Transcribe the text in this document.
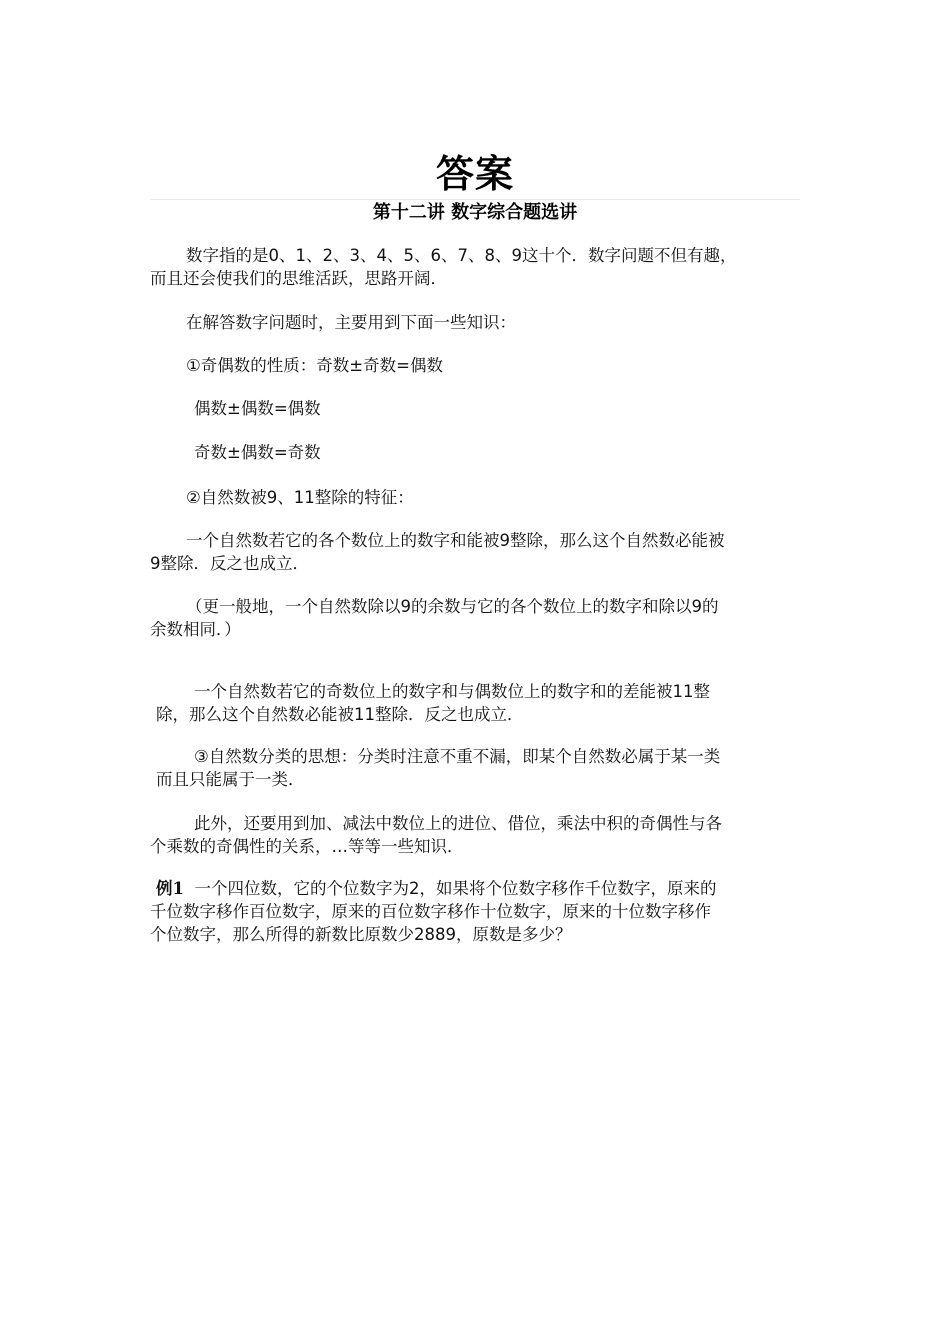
答案
第十二讲 数字综合题选讲
数字指的是0、1、2、3、4、5、6、7、8、9这十个．数字问题不但有趣，
而且还会使我们的思维活跃，思路开阔．
在解答数字问题时，主要用到下面一些知识：
①奇偶数的性质：奇数±奇数=偶数
偶数±偶数=偶数
奇数±偶数=奇数
②自然数被9、11整除的特征：
一个自然数若它的各个数位上的数字和能被9整除，那么这个自然数必能被
9整除．反之也成立．
（更一般地，一个自然数除以9的余数与它的各个数位上的数字和除以9的
余数相同．）
一个自然数若它的奇数位上的数字和与偶数位上的数字和的差能被11整
除，那么这个自然数必能被11整除．反之也成立．
③自然数分类的思想：分类时注意不重不漏，即某个自然数必属于某一类
而且只能属于一类．
此外，还要用到加、减法中数位上的进位、借位，乘法中积的奇偶性与各
个乘数的奇偶性的关系，…等等一些知识．
例1 一个四位数，它的个位数字为2，如果将个位数字移作千位数字，原来的
千位数字移作百位数字，原来的百位数字移作十位数字，原来的十位数字移作
个位数字，那么所得的新数比原数少2889，原数是多少？
